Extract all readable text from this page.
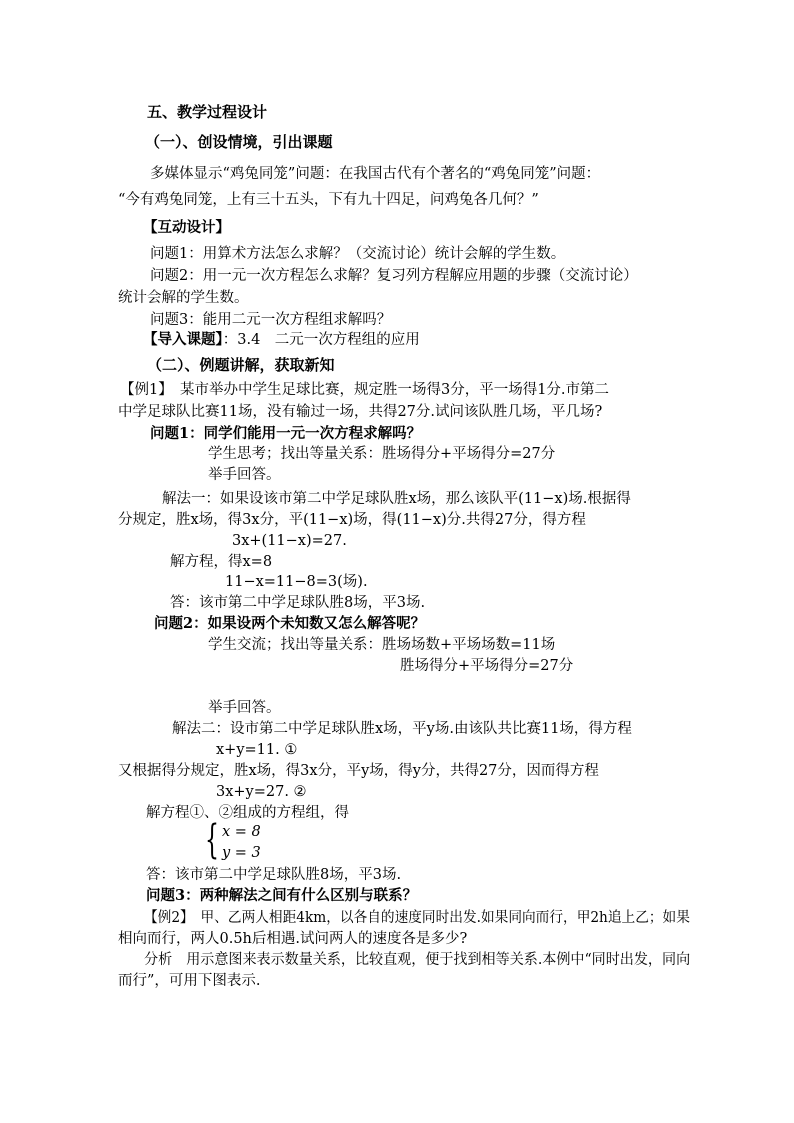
五、教学过程设计
（一）、创设情境，引出课题
多媒体显示“鸡兔同笼”问题：在我国古代有个著名的“鸡兔同笼”问题：
“今有鸡兔同笼，上有三十五头，下有九十四足，问鸡兔各几何？”
【互动设计】
问题1：用算术方法怎么求解？（交流讨论）统计会解的学生数。
问题2：用一元一次方程怎么求解？复习列方程解应用题的步骤（交流讨论）
统计会解的学生数。
问题3：能用二元一次方程组求解吗？
【导入课题】：3.4　二元一次方程组的应用
（二）、例题讲解，获取新知
【例1】　某市举办中学生足球比赛，规定胜一场得3分，平一场得1分.市第二
中学足球队比赛11场，没有输过一场，共得27分.试问该队胜几场，平几场?
问题1：同学们能用一元一次方程求解吗？
学生思考；找出等量关系：胜场得分+平场得分=27分
举手回答。
解法一：如果设该市第二中学足球队胜x场，那么该队平(11−x)场.根据得
分规定，胜x场，得3x分，平(11−x)场，得(11−x)分.共得27分，得方程
3x+(11−x)=27.
解方程，得x=8
11−x=11−8=3(场).
答：该市第二中学足球队胜8场，平3场.
问题2：如果设两个未知数又怎么解答呢？
学生交流；找出等量关系：胜场场数+平场场数=11场
胜场得分+平场得分=27分
举手回答。
解法二：设市第二中学足球队胜x场，平y场.由该队共比赛11场，得方程
x+y=11. ①
又根据得分规定，胜x场，得3x分，平y场，得y分，共得27分，因而得方程
3x+y=27. ②
解方程①、②组成的方程组，得
{ x = 8
y = 3
答：该市第二中学足球队胜8场，平3场.
问题3：两种解法之间有什么区别与联系？
【例2】　甲、乙两人相距4km，以各自的速度同时出发.如果同向而行，甲2h追上乙；如果
相向而行，两人0.5h后相遇.试问两人的速度各是多少?
分析　用示意图来表示数量关系，比较直观，便于找到相等关系.本例中“同时出发，同向
而行”，可用下图表示.
